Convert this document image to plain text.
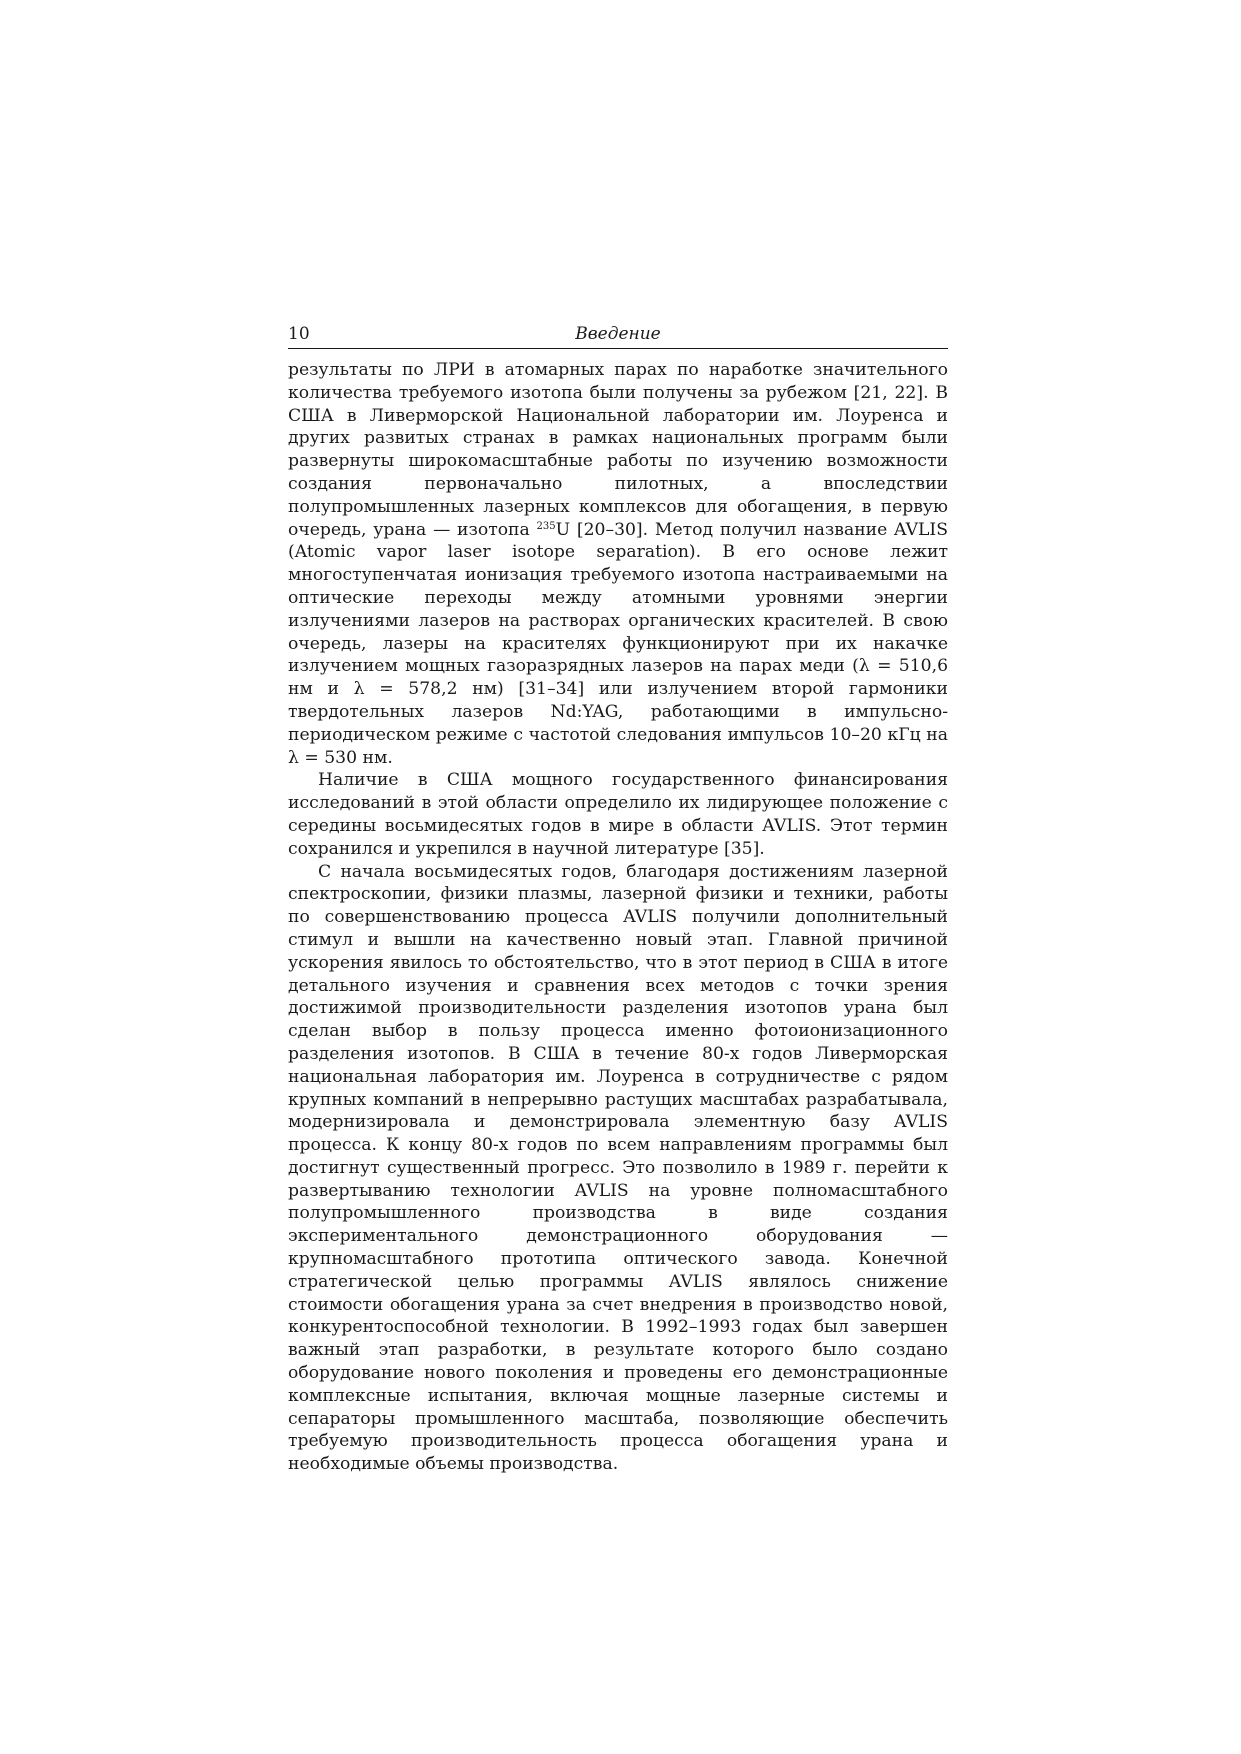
10	Введение

результаты по ЛРИ в атомарных парах по наработке значительного количества требуемого изотопа были получены за рубежом [21, 22]. В США в Ливерморской Национальной лаборатории им. Лоуренса и других развитых странах в рамках национальных программ были развернуты широкомасштабные работы по изучению возможности создания первоначально пилотных, а впоследствии полупромышленных лазерных комплексов для обогащения, в первую очередь, урана — изотопа $^{235}$U [20–30]. Метод получил название AVLIS (Atomic vapor laser isotope separation). В его основе лежит многоступенчатая ионизация требуемого изотопа настраиваемыми на оптические переходы между атомными уровнями энергии излучениями лазеров на растворах органических красителей. В свою очередь, лазеры на красителях функционируют при их накачке излучением мощных газоразрядных лазеров на парах меди (λ = 510,6 нм и λ = 578,2 нм) [31–34] или излучением второй гармоники твердотельных лазеров Nd:YAG, работающими в импульсно-периодическом режиме с частотой следования импульсов 10–20 кГц на λ = 530 нм.

Наличие в США мощного государственного финансирования исследований в этой области определило их лидирующее положение с середины восьмидесятых годов в мире в области AVLIS. Этот термин сохранился и укрепился в научной литературе [35].

С начала восьмидесятых годов, благодаря достижениям лазерной спектроскопии, физики плазмы, лазерной физики и техники, работы по совершенствованию процесса AVLIS получили дополнительный стимул и вышли на качественно новый этап. Главной причиной ускорения явилось то обстоятельство, что в этот период в США в итоге детального изучения и сравнения всех методов с точки зрения достижимой производительности разделения изотопов урана был сделан выбор в пользу процесса именно фотоионизационного разделения изотопов. В США в течение 80-х годов Ливерморская национальная лаборатория им. Лоуренса в сотрудничестве с рядом крупных компаний в непрерывно растущих масштабах разрабатывала, модернизировала и демонстрировала элементную базу AVLIS процесса. К концу 80-х годов по всем направлениям программы был достигнут существенный прогресс. Это позволило в 1989 г. перейти к развертыванию технологии AVLIS на уровне полномасштабного полупромышленного производства в виде создания экспериментального демонстрационного оборудования — крупномасштабного прототипа оптического завода. Конечной стратегической целью программы AVLIS являлось снижение стоимости обогащения урана за счет внедрения в производство новой, конкурентоспособной технологии. В 1992–1993 годах был завершен важный этап разработки, в результате которого было создано оборудование нового поколения и проведены его демонстрационные комплексные испытания, включая мощные лазерные системы и сепараторы промышленного масштаба, позволяющие обеспечить требуемую производительность процесса обогащения урана и необходимые объемы производства.
